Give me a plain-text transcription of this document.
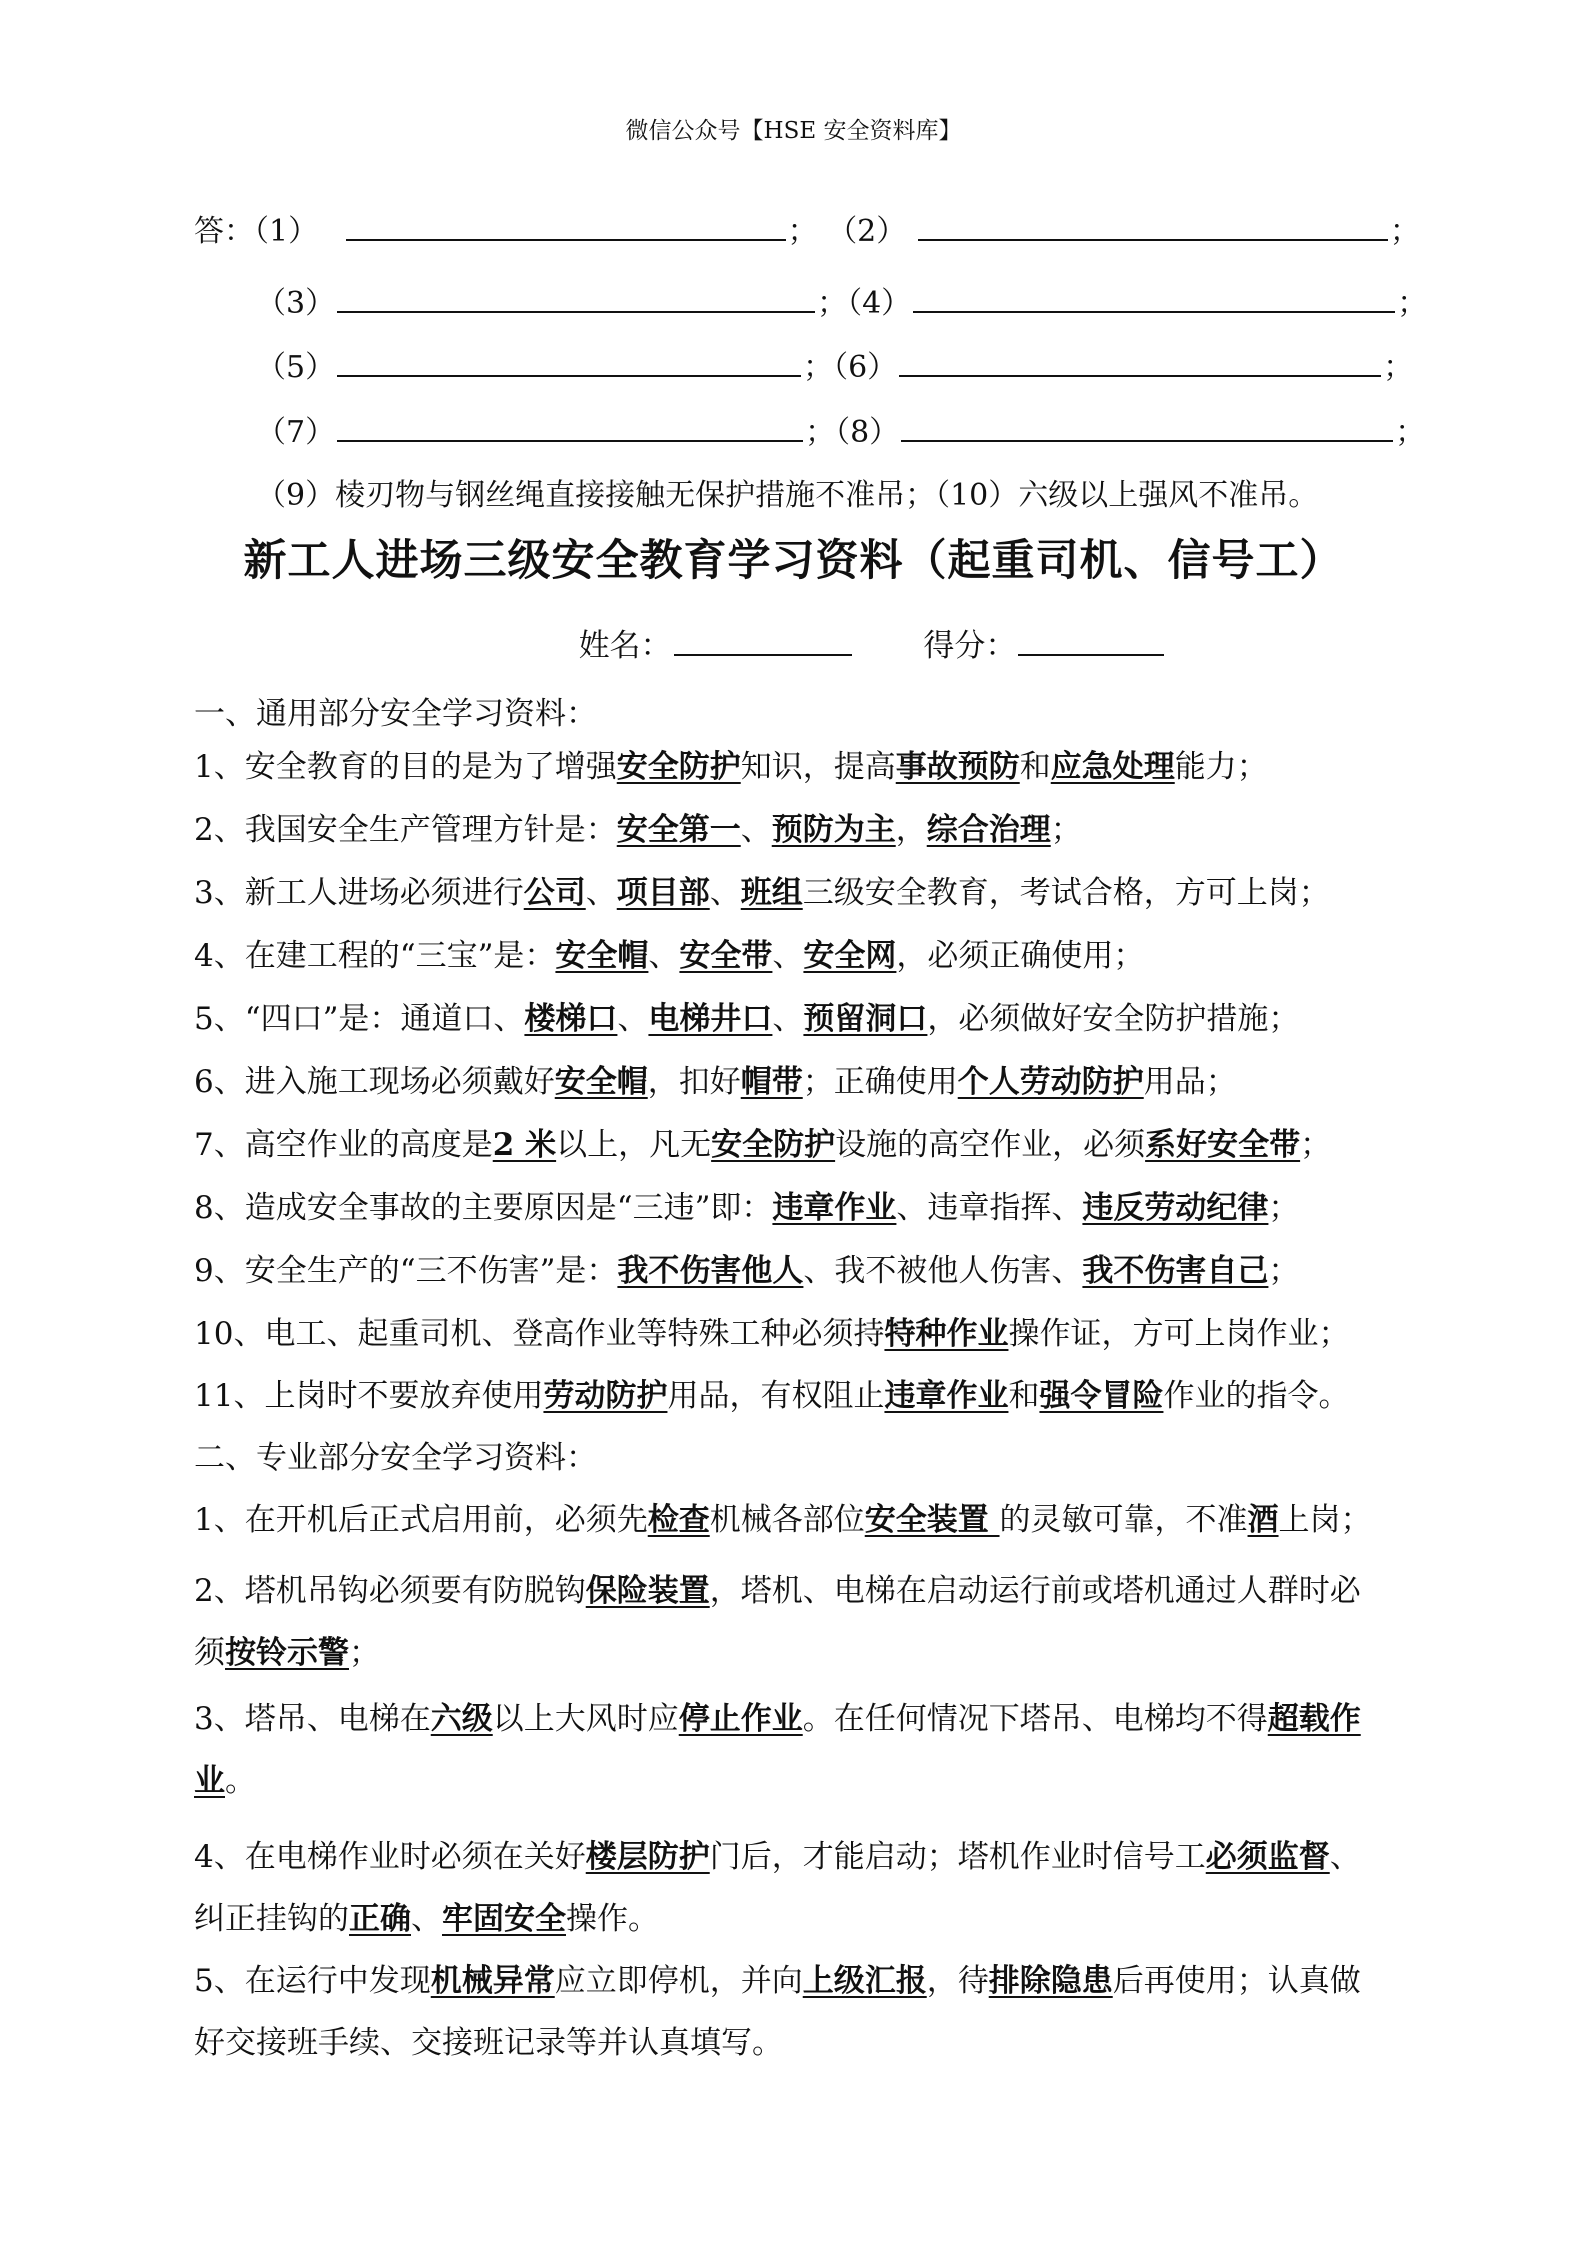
微信公众号【HSE 安全资料库】
答：（1）	； （2）	；
（3）	；（4）	；
（5）	；（6）	；
（7）	；（8）	；
（9）棱刃物与钢丝绳直接接触无保护措施不准吊；（10）六级以上强风不准吊。
新工人进场三级安全教育学习资料（起重司机、信号工）
姓名：	得分：
一、通用部分安全学习资料：
1、安全教育的目的是为了增强安全防护知识，提高事故预防和应急处理能力；
2、我国安全生产管理方针是：安全第一、预防为主，综合治理；
3、新工人进场必须进行公司、项目部、班组三级安全教育，考试合格，方可上岗；
4、在建工程的“三宝”是：安全帽、安全带、安全网，必须正确使用；
5、“四口”是：通道口、楼梯口、电梯井口、预留洞口，必须做好安全防护措施；
6、进入施工现场必须戴好安全帽，扣好帽带；正确使用个人劳动防护用品；
7、高空作业的高度是2 米以上，凡无安全防护设施的高空作业，必须系好安全带；
8、造成安全事故的主要原因是“三违”即：违章作业、违章指挥、违反劳动纪律；
9、安全生产的“三不伤害”是：我不伤害他人、我不被他人伤害、我不伤害自己；
10、电工、起重司机、登高作业等特殊工种必须持特种作业操作证，方可上岗作业；
11、上岗时不要放弃使用劳动防护用品，有权阻止违章作业和强令冒险作业的指令。
二、专业部分安全学习资料：
1、在开机后正式启用前，必须先检查机械各部位安全装置 的灵敏可靠，不准酒上岗；
2、塔机吊钩必须要有防脱钩保险装置，塔机、电梯在启动运行前或塔机通过人群时必须按铃示警；
3、塔吊、电梯在六级以上大风时应停止作业。在任何情况下塔吊、电梯均不得超载作业。
4、在电梯作业时必须在关好楼层防护门后，才能启动；塔机作业时信号工必须监督、纠正挂钩的正确、牢固安全操作。
5、在运行中发现机械异常应立即停机，并向上级汇报，待排除隐患后再使用；认真做好交接班手续、交接班记录等并认真填写。
